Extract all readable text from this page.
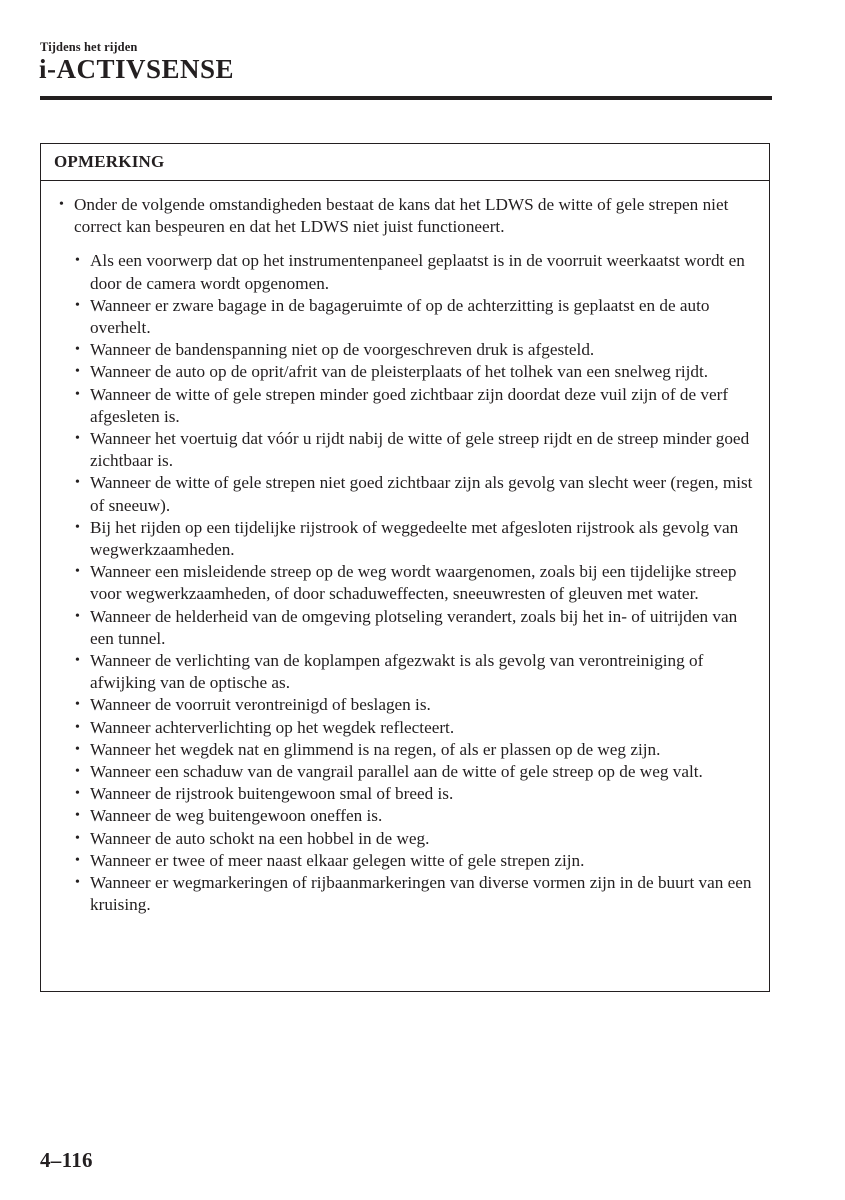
Tijdens het rijden
i-ACTIVSENSE
OPMERKING
• Onder de volgende omstandigheden bestaat de kans dat het LDWS de witte of gele strepen niet correct kan bespeuren en dat het LDWS niet juist functioneert.
• Als een voorwerp dat op het instrumentenpaneel geplaatst is in de voorruit weerkaatst wordt en door de camera wordt opgenomen.
• Wanneer er zware bagage in de bagageruimte of op de achterzitting is geplaatst en de auto overhelt.
• Wanneer de bandenspanning niet op de voorgeschreven druk is afgesteld.
• Wanneer de auto op de oprit/afrit van de pleisterplaats of het tolhek van een snelweg rijdt.
• Wanneer de witte of gele strepen minder goed zichtbaar zijn doordat deze vuil zijn of de verf afgesleten is.
• Wanneer het voertuig dat vóór u rijdt nabij de witte of gele streep rijdt en de streep minder goed zichtbaar is.
• Wanneer de witte of gele strepen niet goed zichtbaar zijn als gevolg van slecht weer (regen, mist of sneeuw).
• Bij het rijden op een tijdelijke rijstrook of weggedeelte met afgesloten rijstrook als gevolg van wegwerkzaamheden.
• Wanneer een misleidende streep op de weg wordt waargenomen, zoals bij een tijdelijke streep voor wegwerkzaamheden, of door schaduweffecten, sneeuwresten of gleuven met water.
• Wanneer de helderheid van de omgeving plotseling verandert, zoals bij het in- of uitrijden van een tunnel.
• Wanneer de verlichting van de koplampen afgezwakt is als gevolg van verontreiniging of afwijking van de optische as.
• Wanneer de voorruit verontreinigd of beslagen is.
• Wanneer achterverlichting op het wegdek reflecteert.
• Wanneer het wegdek nat en glimmend is na regen, of als er plassen op de weg zijn.
• Wanneer een schaduw van de vangrail parallel aan de witte of gele streep op de weg valt.
• Wanneer de rijstrook buitengewoon smal of breed is.
• Wanneer de weg buitengewoon oneffen is.
• Wanneer de auto schokt na een hobbel in de weg.
• Wanneer er twee of meer naast elkaar gelegen witte of gele strepen zijn.
• Wanneer er wegmarkeringen of rijbaanmarkeringen van diverse vormen zijn in de buurt van een kruising.
4–116
